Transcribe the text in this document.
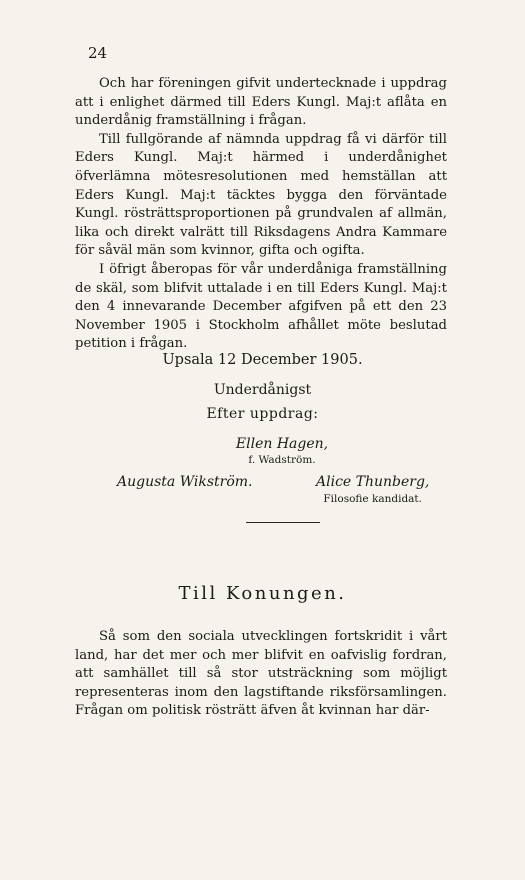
24

Och har föreningen gifvit undertecknade i uppdrag att i enlighet därmed till Eders Kungl. Maj:t aflåta en underdånig framställning i frågan.

Till fullgörande af nämnda uppdrag få vi därför till Eders Kungl. Maj:t härmed i underdånighet öfverlämna mötesresolutionen med hemställan att Eders Kungl. Maj:t täcktes bygga den förväntade Kungl. rösträttsproportionen på grundvalen af allmän, lika och direkt valrätt till Riksdagens Andra Kammare för såväl män som kvinnor, gifta och ogifta.

I öfrigt åberopas för vår underdåniga framställning de skäl, som blifvit uttalade i en till Eders Kungl. Maj:t den 4 innevarande December afgifven på ett den 23 November 1905 i Stockholm afhållet möte beslutad petition i frågan.

Upsala 12 December 1905.
Underdånigst
Efter uppdrag:
Ellen Hagen,
f. Wadström.
Augusta Wikström.	Alice Thunberg,
Filosofie kandidat.
Till Konungen.

Så som den sociala utvecklingen fortskridit i vårt land, har det mer och mer blifvit en oafvislig fordran, att samhället till så stor utsträckning som möjligt representeras inom den lagstiftande riksförsamlingen. Frågan om politisk rösträtt äfven åt kvinnan har där-
